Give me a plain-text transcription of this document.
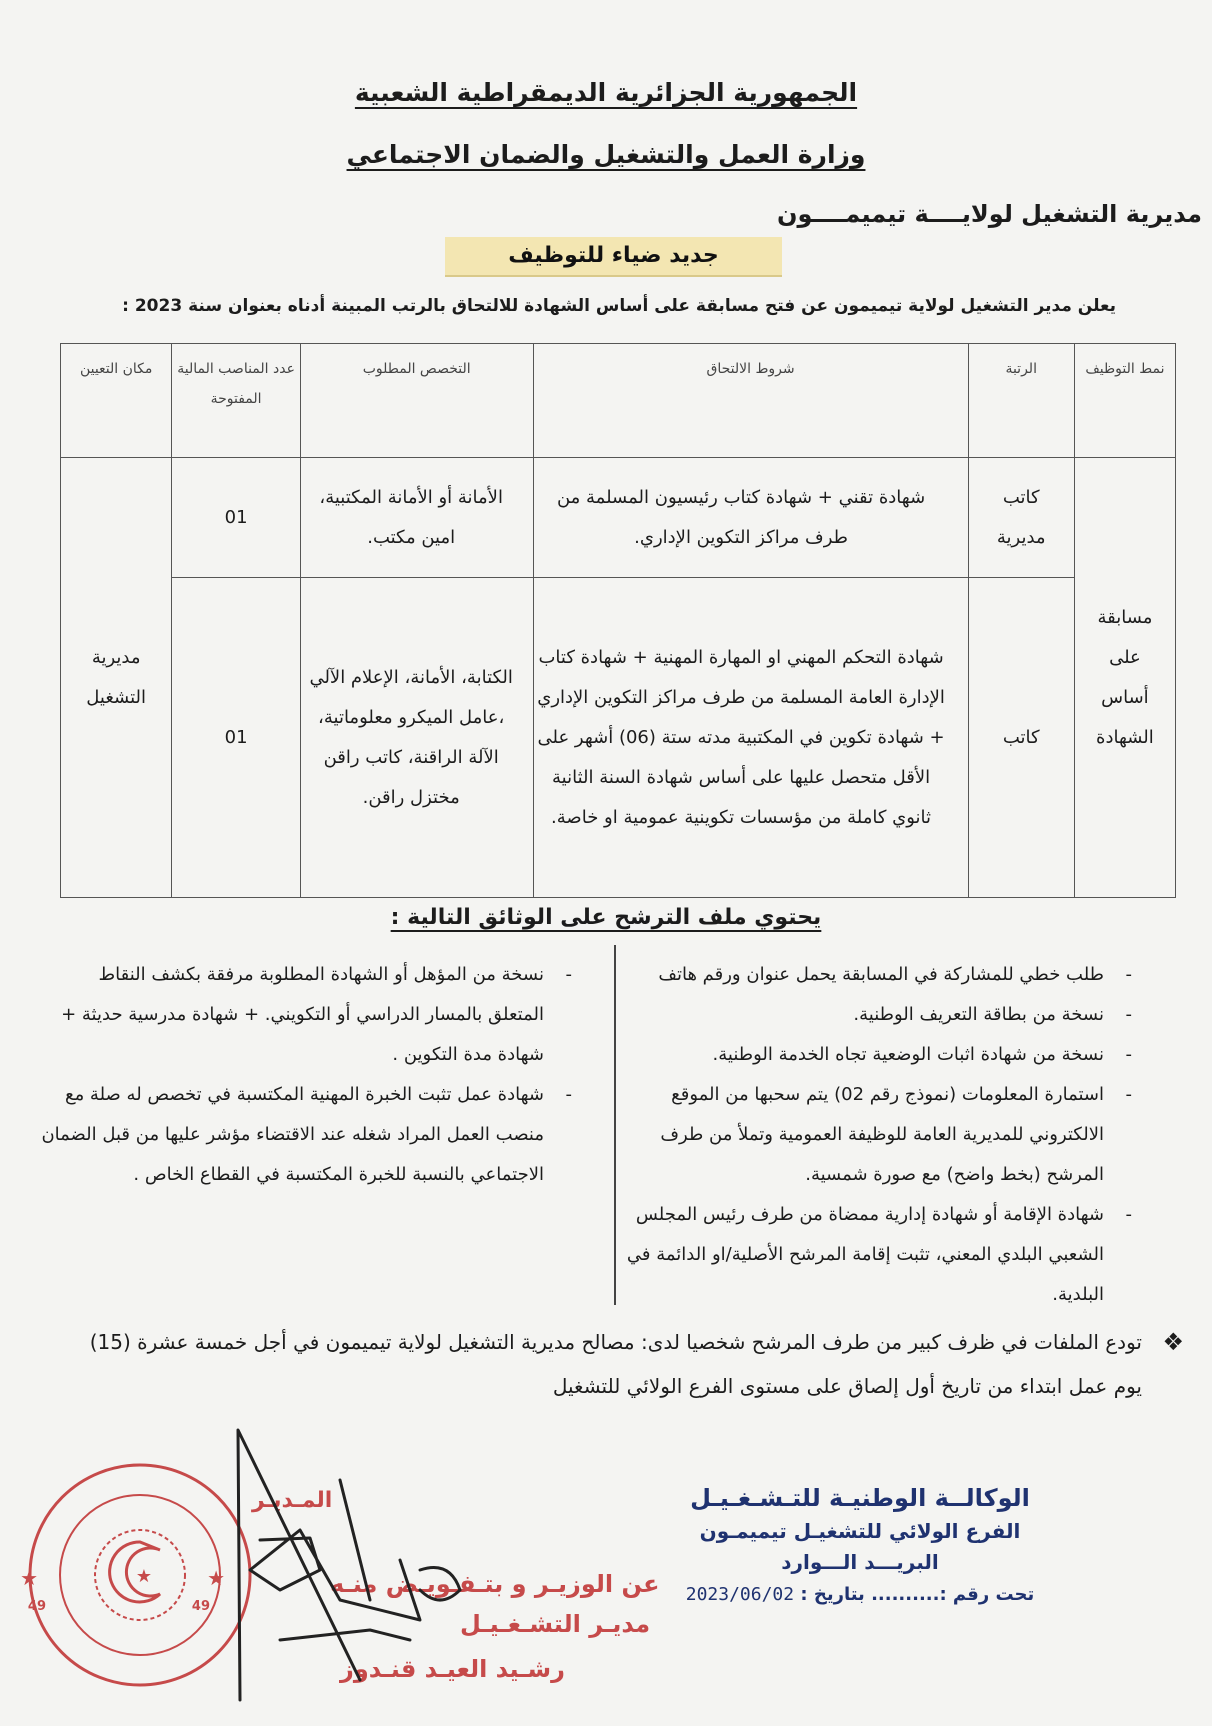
الجمهورية الجزائرية الديمقراطية الشعبية
وزارة العمل والتشغيل والضمان الاجتماعي
مديرية التشغيل لولايــــة تيميمــــون
جديد ضياء للتوظيف
يعلن مدير التشغيل لولاية تيميمون عن فتح مسابقة على أساس الشهادة للالتحاق بالرتب المبينة أدناه بعنوان سنة 2023 :
نمط التوظيف	الرتبة	شروط الالتحاق	التخصص المطلوب	عدد المناصب المالية المفتوحة	مكان التعيين
مسابقة على أساس الشهادة	كاتب مديرية	شهادة تقني + شهادة كتاب رئيسيون المسلمة من طرف مراكز التكوين الإداري.	الأمانة أو الأمانة المكتبية، امين مكتب.	01	مديرية التشغيل
	كاتب	شهادة التحكم المهني او المهارة المهنية + شهادة كتاب الإدارة العامة المسلمة من طرف مراكز التكوين الإداري + شهادة تكوين في المكتبية مدته ستة (06) أشهر على الأقل متحصل عليها على أساس شهادة السنة الثانية ثانوي كاملة من مؤسسات تكوينية عمومية او خاصة.	الكتابة، الأمانة، الإعلام الآلي ،عامل الميكرو معلوماتية، الآلة الراقنة، كاتب راقن مختزل راقن.	01	
يحتوي ملف الترشح على الوثائق التالية :
- طلب خطي للمشاركة في المسابقة يحمل عنوان ورقم هاتف
- نسخة من بطاقة التعريف الوطنية.
- نسخة من شهادة اثبات الوضعية تجاه الخدمة الوطنية.
- استمارة المعلومات (نموذج رقم 02) يتم سحبها من الموقع الالكتروني للمديرية العامة للوظيفة العمومية وتملأ من طرف المرشح (بخط واضح) مع صورة شمسية.
- شهادة الإقامة أو شهادة إدارية ممضاة من طرف رئيس المجلس الشعبي البلدي المعني، تثبت إقامة المرشح الأصلية/او الدائمة في البلدية.
- نسخة من المؤهل أو الشهادة المطلوبة مرفقة بكشف النقاط المتعلق بالمسار الدراسي أو التكويني. + شهادة مدرسية حديثة + شهادة مدة التكوين .
- شهادة عمل تثبت الخبرة المهنية المكتسبة في تخصص له صلة مع منصب العمل المراد شغله عند الاقتضاء مؤشر عليها من قبل الضمان الاجتماعي بالنسبة للخبرة المكتسبة في القطاع الخاص .
❖
تودع الملفات في ظرف كبير من طرف المرشح شخصيا لدى: مصالح مديرية التشغيل لولاية تيميمون في أجل خمسة عشرة (15) يوم عمل ابتداء من تاريخ أول إلصاق على مستوى الفرع الولائي للتشغيل
الوكالــة الوطنيـة للتـشـغـيـل
الفرع الولائي للتشغيـل تيميمـون
البريـــد الـــوارد
تحت رقم :.......... بتاريخ : 2023/06/02
★
★	★
49
49
المـديـر
عن الوزيـر و بتـفـويـض منـه
مديـر التشـغـيـل
رشـيد العيـد قنـدوز
